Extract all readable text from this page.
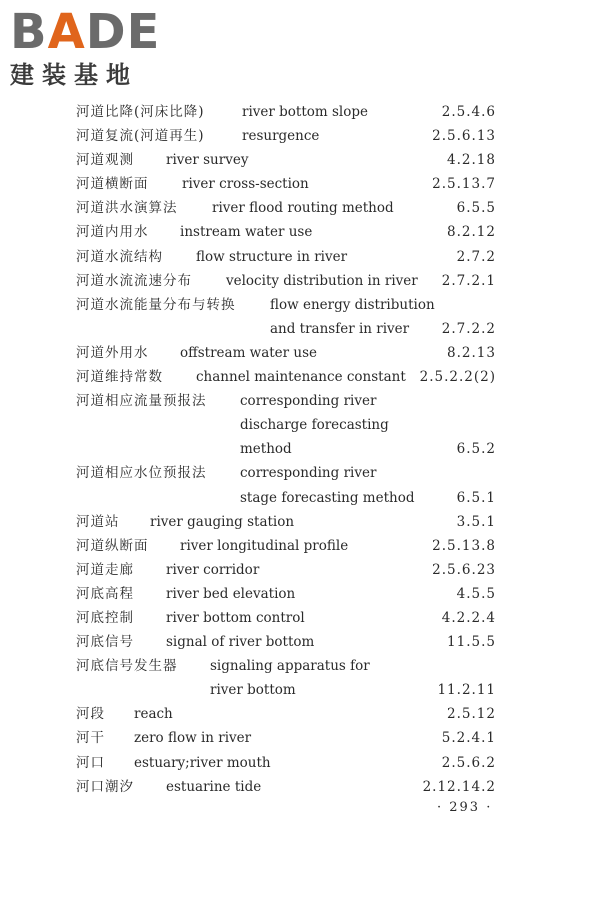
BADE
建装基地
河道比降(河床比降)	river bottom slope	2.5.4.6
河道复流(河道再生)	resurgence	2.5.6.13
河道观测 river survey	4.2.18
河道横断面 river cross-section	2.5.13.7
河道洪水演算法	river flood routing method	6.5.5
河道内用水 instream water use	8.2.12
河道水流结构 flow structure in river	2.7.2
河道水流流速分布	velocity distribution in river 2.7.2.1
河道水流能量分布与转换	flow energy distribution
and transfer in river 2.7.2.2
河道外用水 offstream water use	8.2.13
河道维持常数 channel maintenance constant 2.5.2.2(2)
河道相应流量预报法 corresponding river
discharge forecasting
method	6.5.2
河道相应水位预报法 corresponding river
stage forecasting method	6.5.1
河道站 river gauging station	3.5.1
河道纵断面 river longitudinal profile	2.5.13.8
河道走廊 river corridor	2.5.6.23
河底高程 river bed elevation	4.5.5
河底控制 river bottom control	4.2.2.4
河底信号 signal of river bottom	11.5.5
河底信号发生器 signaling apparatus for
river bottom	11.2.11
河段 reach	2.5.12
河干 zero flow in river	5.2.4.1
河口 estuary;river mouth	2.5.6.2
河口潮汐 estuarine tide	2.12.14.2
· 293 ·
